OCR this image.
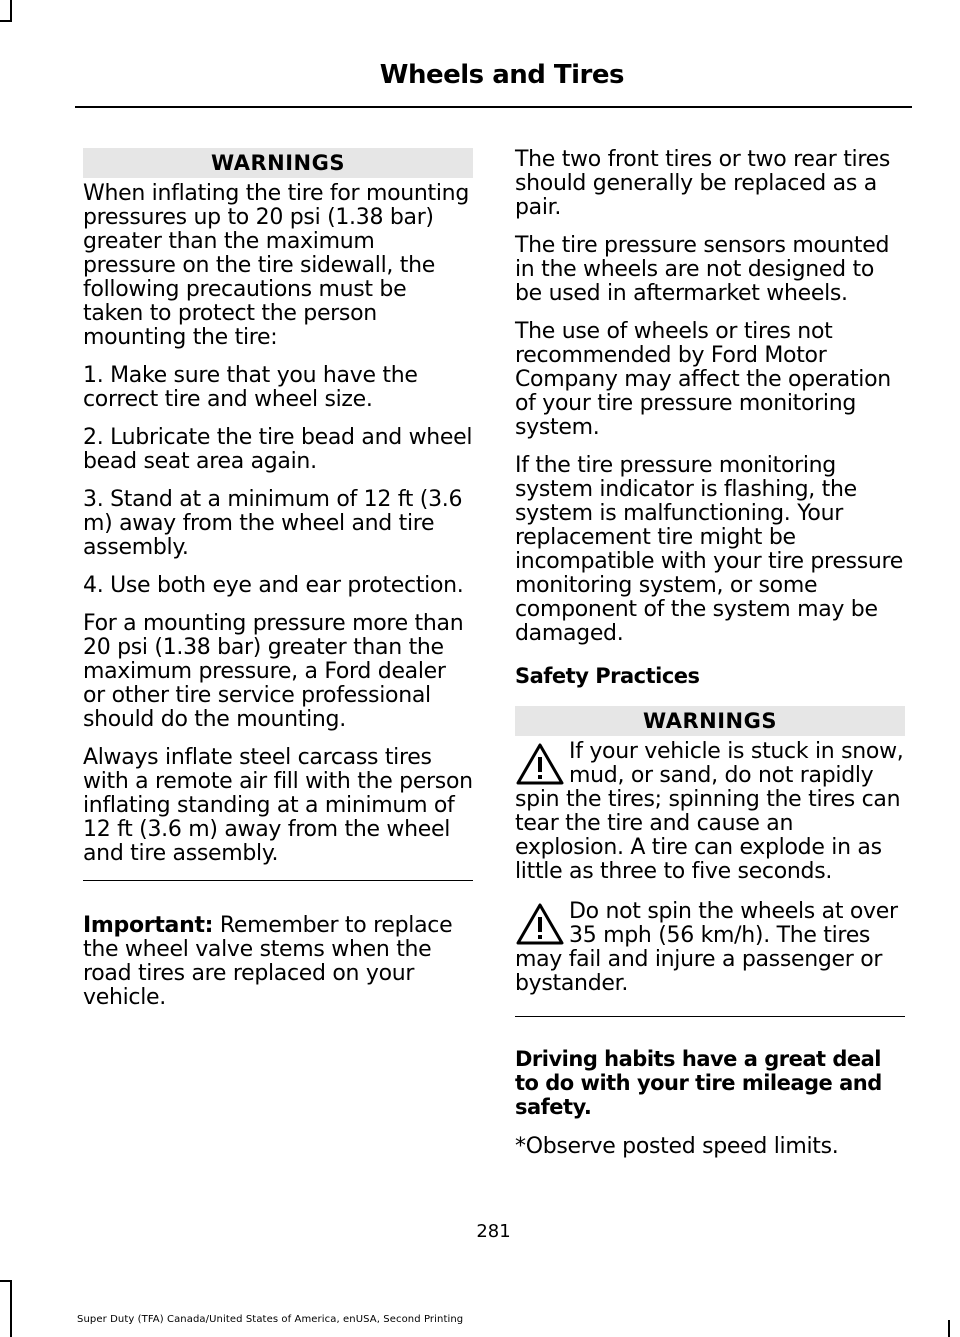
Wheels and Tires
WARNINGS

When inflating the tire for mounting pressures up to 20 psi (1.38 bar) greater than the maximum pressure on the tire sidewall, the following precautions must be taken to protect the person mounting the tire:

1. Make sure that you have the correct tire and wheel size.

2. Lubricate the tire bead and wheel bead seat area again.

3. Stand at a minimum of 12 ft (3.6 m) away from the wheel and tire assembly.

4. Use both eye and ear protection.

For a mounting pressure more than 20 psi (1.38 bar) greater than the maximum pressure, a Ford dealer or other tire service professional should do the mounting.

Always inflate steel carcass tires with a remote air fill with the person inflating standing at a minimum of 12 ft (3.6 m) away from the wheel and tire assembly.

Important: Remember to replace the wheel valve stems when the road tires are replaced on your vehicle.

The two front tires or two rear tires should generally be replaced as a pair.

The tire pressure sensors mounted in the wheels are not designed to be used in aftermarket wheels.

The use of wheels or tires not recommended by Ford Motor Company may affect the operation of your tire pressure monitoring system.

If the tire pressure monitoring system indicator is flashing, the system is malfunctioning. Your replacement tire might be incompatible with your tire pressure monitoring system, or some component of the system may be damaged.

Safety Practices

WARNINGS
If your vehicle is stuck in snow, mud, or sand, do not rapidly spin the tires; spinning the tires can tear the tire and cause an explosion. A tire can explode in as little as three to five seconds.
Do not spin the wheels at over 35 mph (56 km/h). The tires may fail and injure a passenger or bystander.

Driving habits have a great deal to do with your tire mileage and safety.

*Observe posted speed limits.

281
Super Duty (TFA) Canada/United States of America, enUSA, Second Printing
